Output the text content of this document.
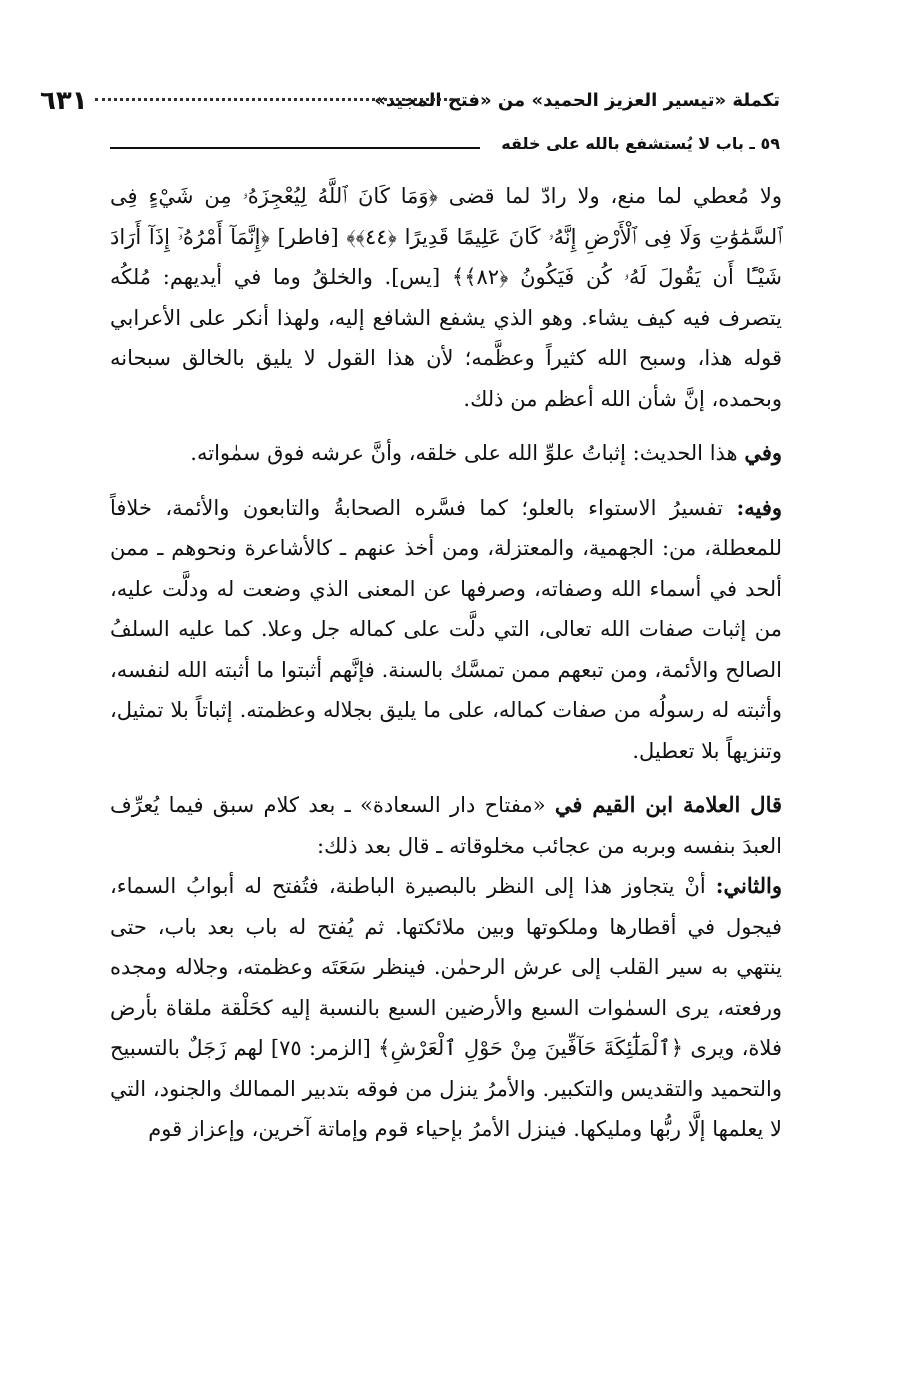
تكملة «تيسير العزيز الحميد» من «فتح المجيد»
٦٣١
٥٩ ـ باب لا يُستشفع بالله على خلقه

ولا مُعطي لما منع، ولا رادّ لما قضى ﴿وَمَا كَانَ ٱللَّهُ لِيُعْجِزَهُۥ مِن شَيْءٍ فِى ٱلسَّمَٰوَٰتِ وَلَا فِى ٱلْأَرْضِ إِنَّهُۥ كَانَ عَلِيمًا قَدِيرًا ﴿٤٤﴾﴾ [فاطر] ﴿إِنَّمَآ أَمْرُهُۥٓ إِذَآ أَرَادَ شَيْـًٔا أَن يَقُولَ لَهُۥ كُن فَيَكُونُ ﴿٨٢﴾﴾ [يس]. والخلقُ وما في أيديهم: مُلكُه يتصرف فيه كيف يشاء. وهو الذي يشفع الشافع إليه، ولهذا أنكر على الأعرابي قوله هذا، وسبح الله كثيراً وعظَّمه؛ لأن هذا القول لا يليق بالخالق سبحانه وبحمده، إنَّ شأن الله أعظم من ذلك.

وفي هذا الحديث: إثباتُ علوِّ الله على خلقه، وأنَّ عرشه فوق سمٰواته.

وفيه: تفسيرُ الاستواء بالعلو؛ كما فسَّره الصحابةُ والتابعون والأئمة، خلافاً للمعطلة، من: الجهمية، والمعتزلة، ومن أخذ عنهم ـ كالأشاعرة ونحوهم ـ ممن ألحد في أسماء الله وصفاته، وصرفها عن المعنى الذي وضعت له ودلَّت عليه، من إثبات صفات الله تعالى، التي دلَّت على كماله جل وعلا. كما عليه السلفُ الصالح والأئمة، ومن تبعهم ممن تمسَّك بالسنة. فإنَّهم أثبتوا ما أثبته الله لنفسه، وأثبته له رسولُه من صفات كماله، على ما يليق بجلاله وعظمته. إثباتاً بلا تمثيل، وتنزيهاً بلا تعطيل.

قال العلامة ابن القيم في «مفتاح دار السعادة» ـ بعد كلام سبق فيما يُعرِّف العبدَ بنفسه وبربه من عجائب مخلوقاته ـ قال بعد ذلك:

والثاني: أنْ يتجاوز هذا إلى النظر بالبصيرة الباطنة، فتُفتح له أبوابُ السماء، فيجول في أقطارها وملكوتها وبين ملائكتها. ثم يُفتح له باب بعد باب، حتى ينتهي به سير القلب إلى عرش الرحمٰن. فينظر سَعَتَه وعظمته، وجلاله ومجده ورفعته، يرى السمٰوات السبع والأرضين السبع بالنسبة إليه كحَلْقة ملقاة بأرض فلاة، ويرى ﴿ٱلْمَلَٰٓئِكَةَ حَآفِّينَ مِنْ حَوْلِ ٱلْعَرْشِ﴾ [الزمر: ٧٥] لهم زَجَلٌ بالتسبيح والتحميد والتقديس والتكبير. والأمرُ ينزل من فوقه بتدبير الممالك والجنود، التي لا يعلمها إلَّا ربُّها ومليكها. فينزل الأمرُ بإحياء قوم وإماتة آخرين، وإعزاز قوم
